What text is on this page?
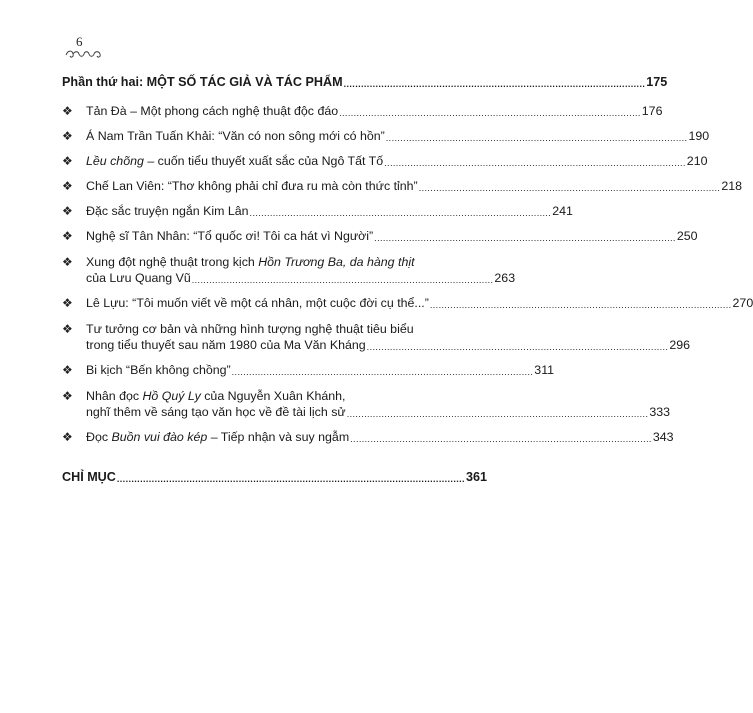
6
Phần thứ hai: MỘT SỐ TÁC GIẢ VÀ TÁC PHẨM ........................................................................................................ 175
❖	Tản Đà – Một phong cách nghệ thuật độc đáo ........................................................................................................ 176
❖	Á Nam Trần Tuấn Khải: “Văn có non sông mới có hồn” ........................................................................................................ 190
❖	Lều chõng – cuốn tiểu thuyết xuất sắc của Ngô Tất Tố ........................................................................................................ 210
❖	Chế Lan Viên: “Thơ không phải chỉ đưa ru mà còn thức tỉnh” ........................................................................................................ 218
❖	Đặc sắc truyện ngắn Kim Lân ........................................................................................................ 241
❖	Nghệ sĩ Tân Nhân: “Tổ quốc ơi! Tôi ca hát vì Người” ........................................................................................................ 250
❖	Xung đột nghệ thuật trong kịch Hồn Trương Ba, da hàng thịt
của Lưu Quang Vũ ........................................................................................................ 263
❖	Lê Lựu: “Tôi muốn viết về một cá nhân, một cuộc đời cụ thể...” ........................................................................................................ 270
❖	Tư tưởng cơ bản và những hình tượng nghệ thuật tiêu biểu
trong tiểu thuyết sau năm 1980 của Ma Văn Kháng ........................................................................................................ 296
❖	Bi kịch “Bến không chồng” ........................................................................................................ 311
❖	Nhân đọc Hồ Quý Ly của Nguyễn Xuân Khánh,
nghĩ thêm về sáng tạo văn học về đề tài lịch sử ........................................................................................................ 333
❖	Đọc Buồn vui đào kép – Tiếp nhận và suy ngẫm ........................................................................................................ 343
CHỈ MỤC ........................................................................................................................ 361
